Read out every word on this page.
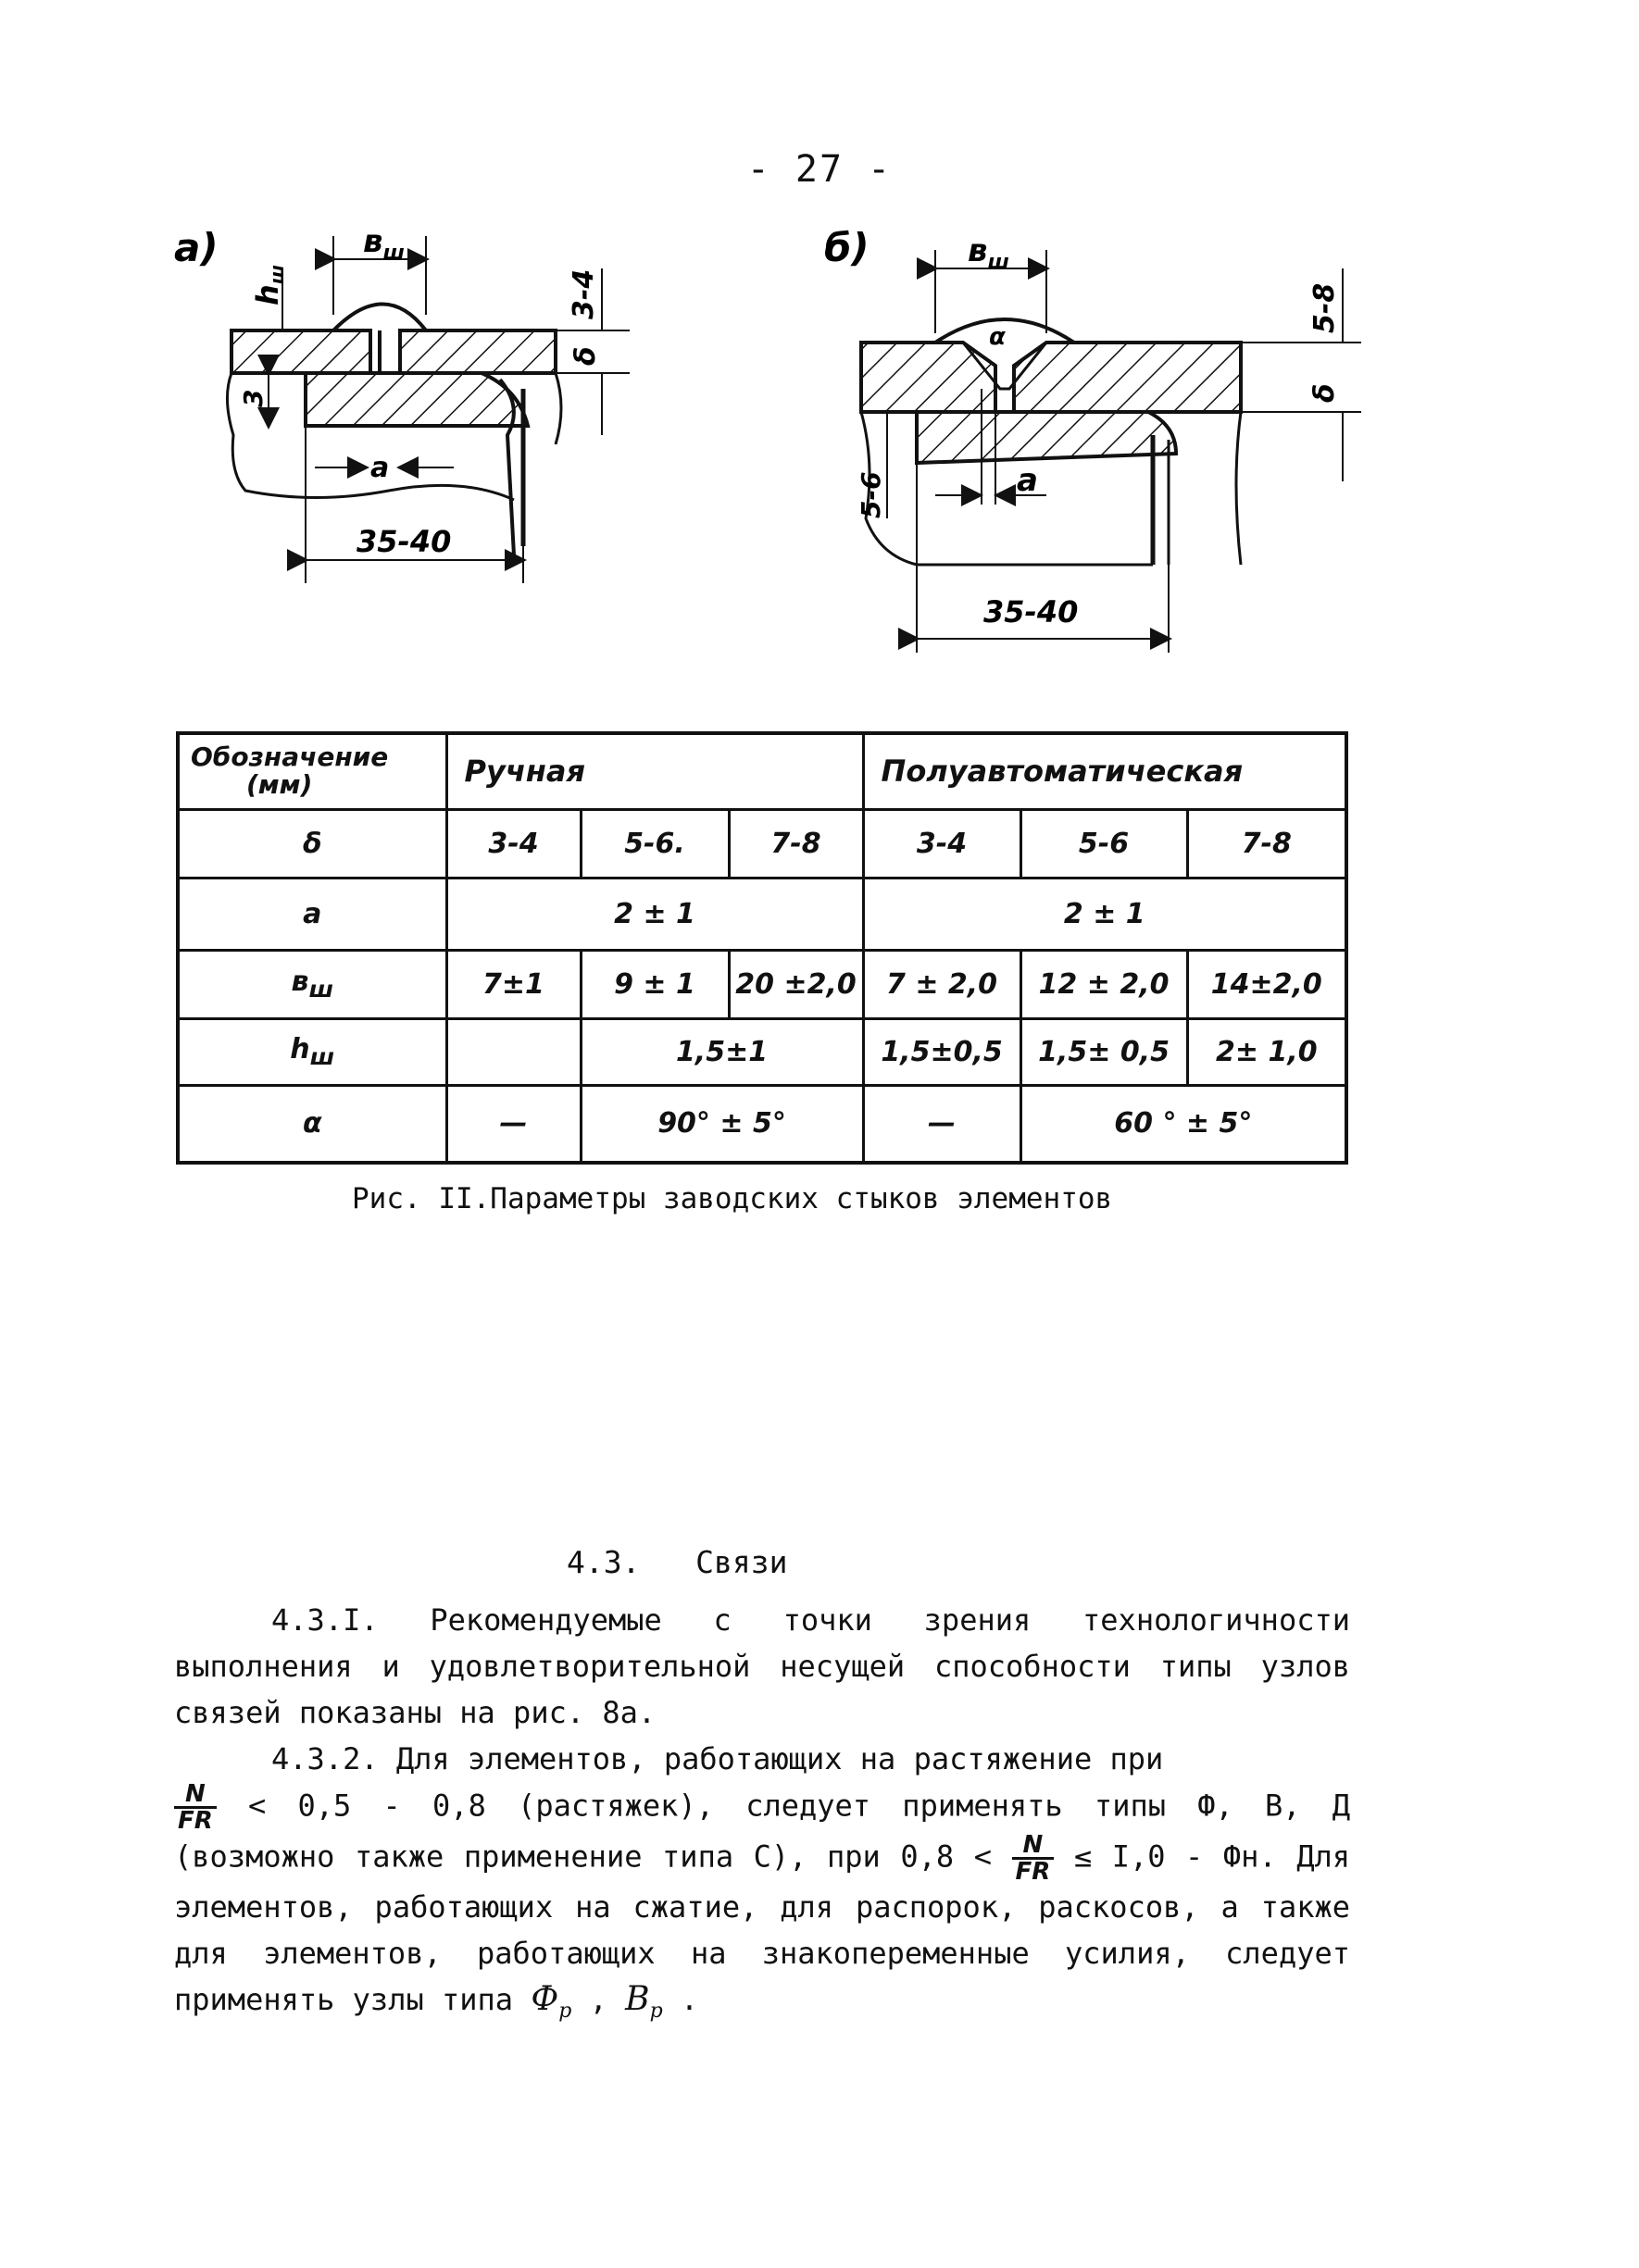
- 27 -
а)	$в_ш$
hш	3-4
δ
3
а
35-40
б)
α
$в_ш$
5-8
δ
5-6	а
35-40
Обозначение
(мм)	Ручная			Полуавтоматическая		
δ	3-4	5-6.	7-8	3-4	5-6	7-8
а	2 ± 1			2 ± 1		
$в_ш$	7±1	9 ± 1	20 ±2,0	7 ± 2,0	12 ± 2,0	14±2,0
$h_ш$		1,5±1		1,5±0,5	1,5± 0,5	2± 1,0
α	—	90° ± 5°		—	60 ° ± 5°	
Рис. II.Параметры заводских стыков элементов
4.3. Связи
4.3.I. Рекомендуемые с точки зрения технологичности выполнения и удовлетворительной несущей способности типы узлов связей показаны на рис. 8а.
4.3.2. Для элементов, работающих на растяжение при

$\frac{N}{FR} < 0,5 - 0,8$ (растяжек), следует применять типы Ф, В, Д (возможно также применение типа С), при $0,8 < \frac{N}{FR} \le I,0$ - Фн. Для элементов, работающих на сжатие, для распорок, раскосов, а также для элементов, работающих на знакопеременные усилия, следует применять узлы типа $Ф_р$ , $В_р$ .
